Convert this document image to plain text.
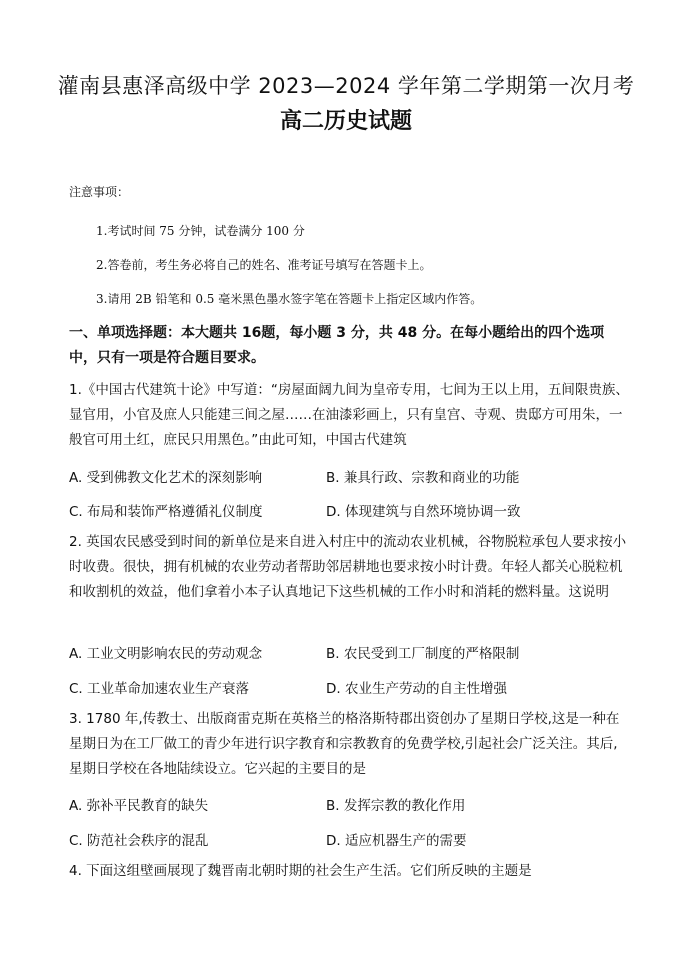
灌南县惠泽高级中学 2023—2024 学年第二学期第一次月考
高二历史试题
注意事项：
1.考试时间 75 分钟，试卷满分 100 分
2.答卷前，考生务必将自己的姓名、准考证号填写在答题卡上。
3.请用 2B 铅笔和 0.5 毫米黑色墨水签字笔在答题卡上指定区域内作答。
一、单项选择题：本大题共 16题，每小题 3 分，共 48 分。在每小题给出的四个选项中，只有一项是符合题目要求。
1.《中国古代建筑十论》中写道：“房屋面阔九间为皇帝专用，七间为王以上用，五间限贵族、显官用，小官及庶人只能建三间之屋……在油漆彩画上，只有皇宫、寺观、贵邸方可用朱，一般官可用土红，庶民只用黑色。”由此可知，中国古代建筑
A. 受到佛教文化艺术的深刻影响	B. 兼具行政、宗教和商业的功能
C. 布局和装饰严格遵循礼仪制度	D. 体现建筑与自然环境协调一致
2. 英国农民感受到时间的新单位是来自进入村庄中的流动农业机械，谷物脱粒承包人要求按小时收费。很快，拥有机械的农业劳动者帮助邻居耕地也要求按小时计费。年轻人都关心脱粒机和收割机的效益，他们拿着小本子认真地记下这些机械的工作小时和消耗的燃料量。这说明
A. 工业文明影响农民的劳动观念	B. 农民受到工厂制度的严格限制
C. 工业革命加速农业生产衰落	D. 农业生产劳动的自主性增强
3. 1780 年,传教士、出版商雷克斯在英格兰的格洛斯特郡出资创办了星期日学校,这是一种在星期日为在工厂做工的青少年进行识字教育和宗教教育的免费学校,引起社会广泛关注。其后,星期日学校在各地陆续设立。它兴起的主要目的是
A. 弥补平民教育的缺失	B. 发挥宗教的教化作用
C. 防范社会秩序的混乱	D. 适应机器生产的需要
4. 下面这组壁画展现了魏晋南北朝时期的社会生产生活。它们所反映的主题是
